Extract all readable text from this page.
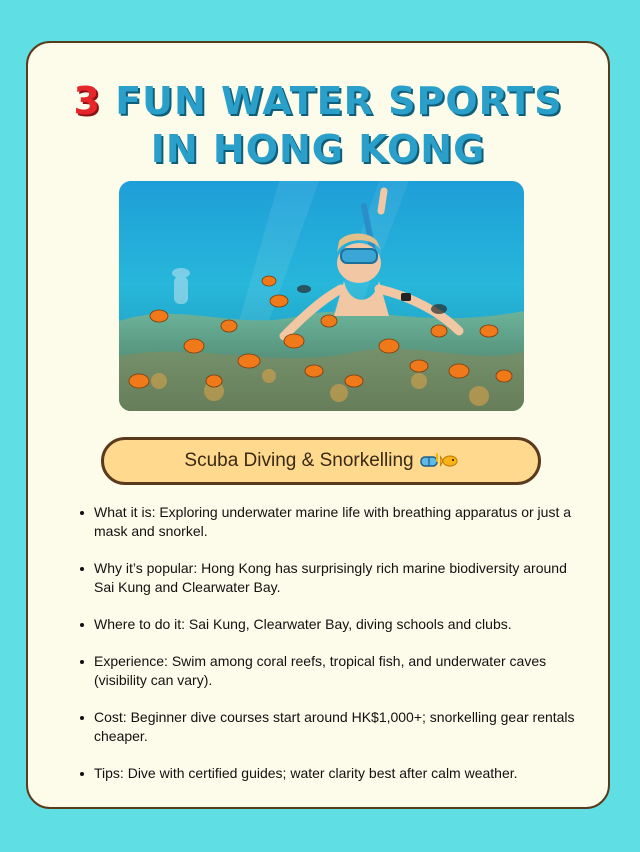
3 FUN WATER SPORTS
IN HONG KONG
Scuba Diving & Snorkelling
What it is: Exploring underwater marine life with breathing apparatus or just a mask and snorkel.
Why it’s popular: Hong Kong has surprisingly rich marine biodiversity around Sai Kung and Clearwater Bay.
Where to do it: Sai Kung, Clearwater Bay, diving schools and clubs.
Experience: Swim among coral reefs, tropical fish, and underwater caves (visibility can vary).
Cost: Beginner dive courses start around HK$1,000+; snorkelling gear rentals cheaper.
Tips: Dive with certified guides; water clarity best after calm weather.
